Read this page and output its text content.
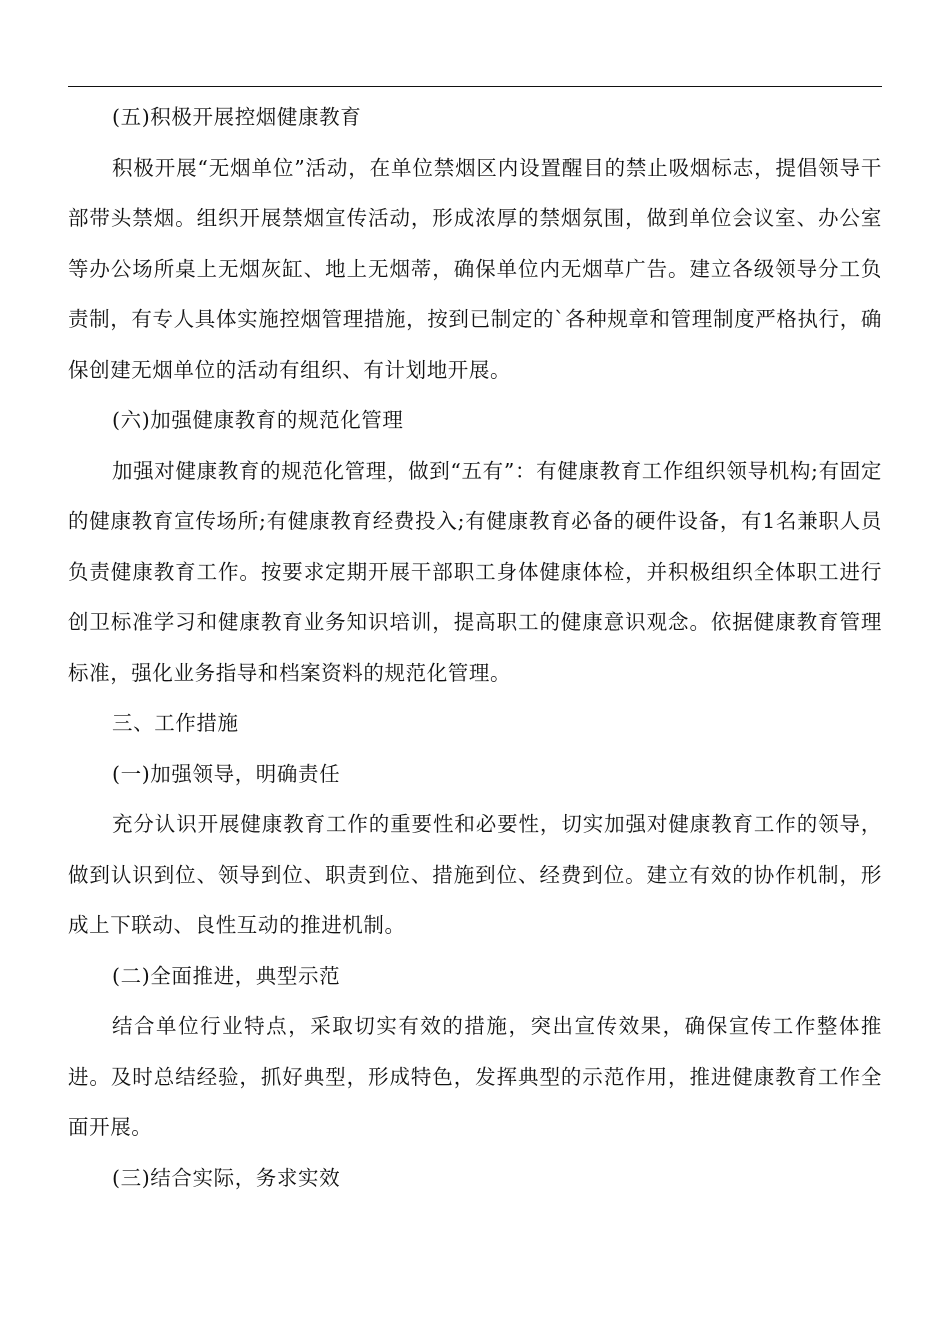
(五)积极开展控烟健康教育

积极开展“无烟单位”活动，在单位禁烟区内设置醒目的禁止吸烟标志，提倡领导干部带头禁烟。组织开展禁烟宣传活动，形成浓厚的禁烟氛围，做到单位会议室、办公室等办公场所桌上无烟灰缸、地上无烟蒂，确保单位内无烟草广告。建立各级领导分工负责制，有专人具体实施控烟管理措施，按到已制定的`各种规章和管理制度严格执行，确保创建无烟单位的活动有组织、有计划地开展。

(六)加强健康教育的规范化管理

加强对健康教育的规范化管理，做到“五有”：有健康教育工作组织领导机构;有固定的健康教育宣传场所;有健康教育经费投入;有健康教育必备的硬件设备，有1名兼职人员负责健康教育工作。按要求定期开展干部职工身体健康体检，并积极组织全体职工进行创卫标准学习和健康教育业务知识培训，提高职工的健康意识观念。依据健康教育管理标准，强化业务指导和档案资料的规范化管理。

三、工作措施

(一)加强领导，明确责任

充分认识开展健康教育工作的重要性和必要性，切实加强对健康教育工作的领导，做到认识到位、领导到位、职责到位、措施到位、经费到位。建立有效的协作机制，形成上下联动、良性互动的推进机制。

(二)全面推进，典型示范

结合单位行业特点，采取切实有效的措施，突出宣传效果，确保宣传工作整体推进。及时总结经验，抓好典型，形成特色，发挥典型的示范作用，推进健康教育工作全面开展。

(三)结合实际，务求实效
